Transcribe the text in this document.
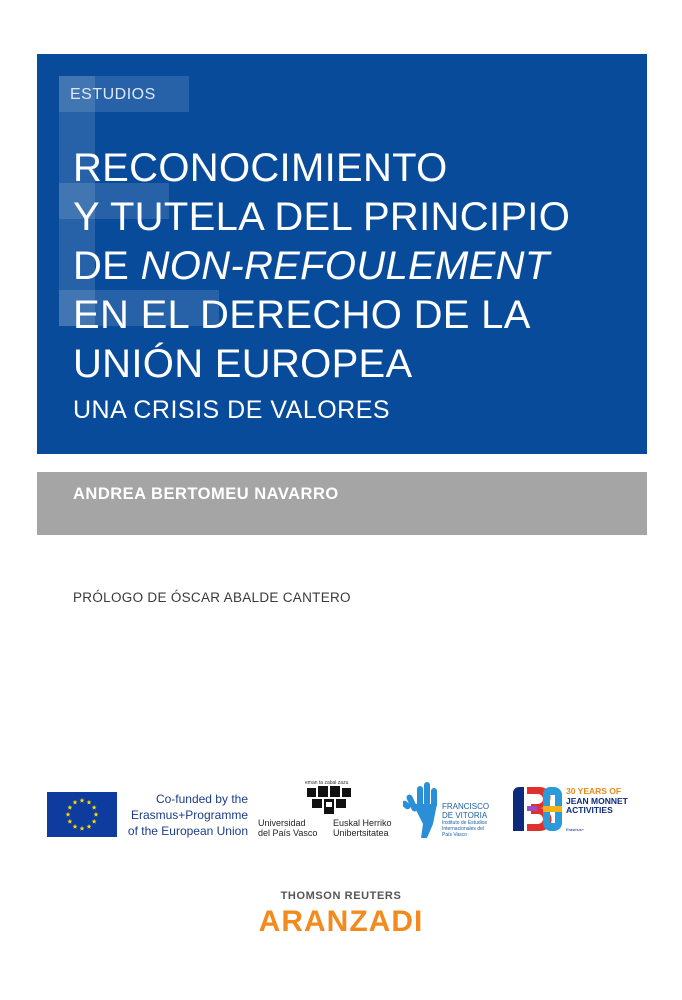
ESTUDIOS
RECONOCIMIENTO
Y TUTELA DEL PRINCIPIO
DE NON-REFOULEMENT
EN EL DERECHO DE LA
UNIÓN EUROPEA
UNA CRISIS DE VALORES
ANDREA BERTOMEU NAVARRO
PRÓLOGO DE ÓSCAR ABALDE CANTERO
Co-funded by the
Erasmus+Programme
of the European Union
eman ta zabal zazu
Universidad
del País Vasco
Euskal Herriko
Unibertsitatea
FRANCISCO
DE VITORIA
Instituto de Estudios
Internacionales del
País Vasco
30 YEARS OF
JEAN MONNET
ACTIVITIES
Erasmus+
THOMSON REUTERS
ARANZADI
